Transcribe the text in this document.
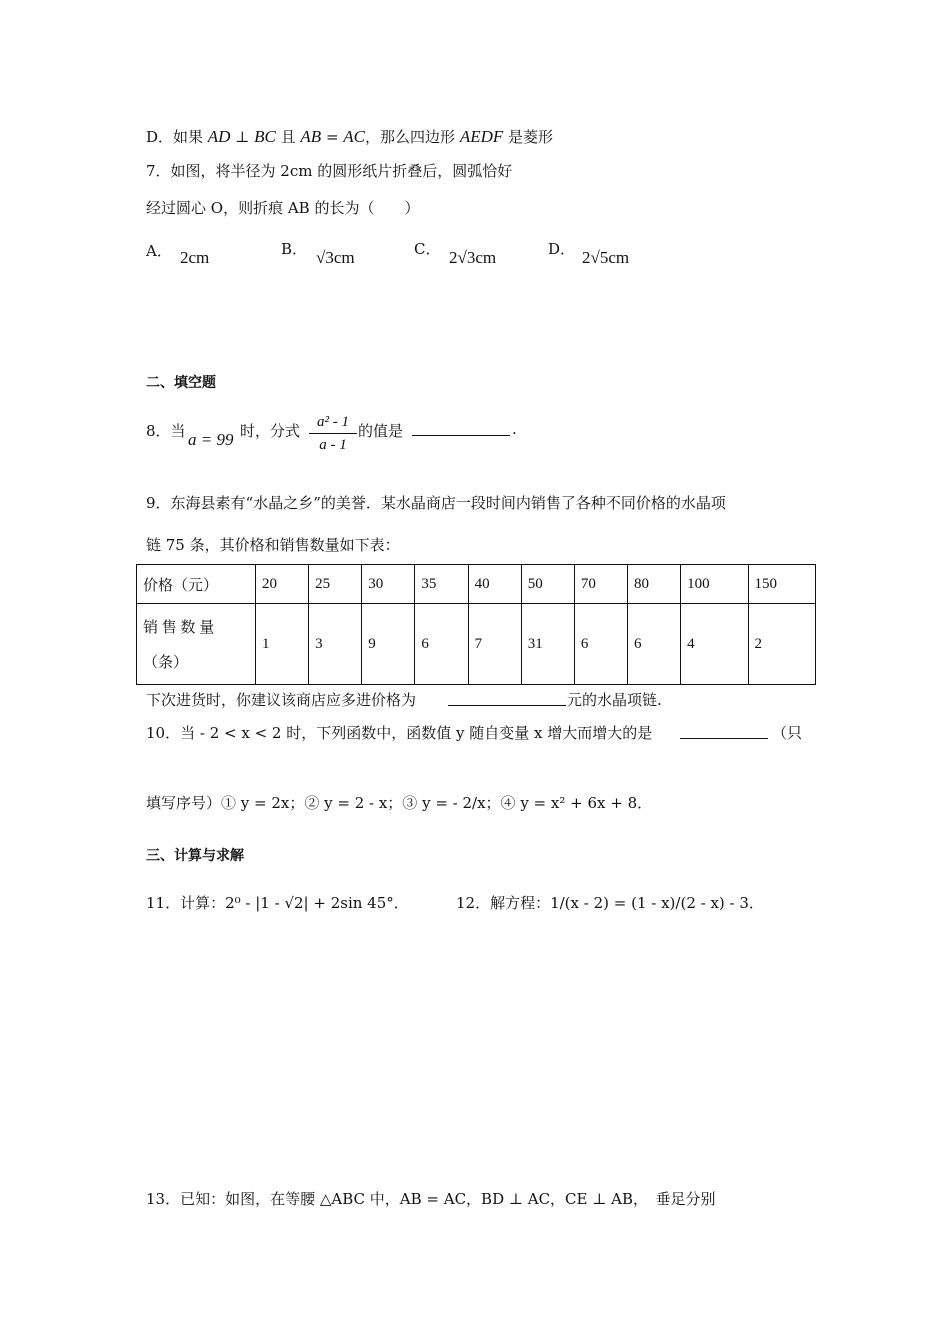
D．如果 AD ⊥ BC 且 AB = AC，那么四边形 AEDF 是菱形
7．如图，将半径为 2cm 的圆形纸片折叠后，圆弧恰好
经过圆心 O，则折痕 AB 的长为（　　）
A． 2cm	B． √3cm	C． 2√3cm	D． 2√5cm
二、填空题
8．当 a = 99 时，分式 $\frac{\text{a² - 1}}{a - 1}$ 的值是	.
9．东海县素有“水晶之乡”的美誉．某水晶商店一段时间内销售了各种不同价格的水晶项
链 75 条，其价格和销售数量如下表：
价格（元）	20	25	30	35	40	50	70	80	100	150

销 售 数 量
（条）	1	3	9	6	7	31	6	6	4	2
下次进货时，你建议该商店应多进价格为	元的水晶项链.
10．当 - 2 < x < 2 时，下列函数中，函数值 y 随自变量 x 增大而增大的是	（只
填写序号）① y = 2x；② y = 2 - x；③ y = - 2/x；④ y = x² + 6x + 8．
三、计算与求解
11．计算：2⁰ - |1 - √2| + 2sin 45°．	12．解方程：1/(x - 2) = (1 - x)/(2 - x) - 3．
13．已知：如图，在等腰 △ABC 中，AB = AC，BD ⊥ AC，CE ⊥ AB，　垂足分别
